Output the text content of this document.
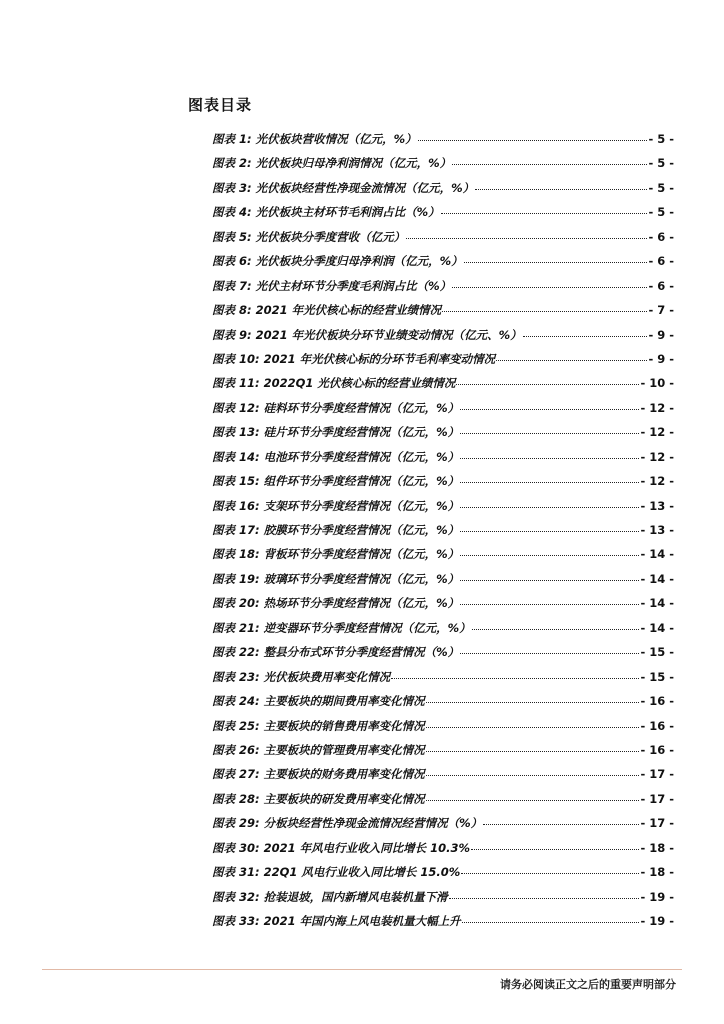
图表目录
图表 1: 光伏板块营收情况（亿元，%）	- 5 -
图表 2: 光伏板块归母净利润情况（亿元，%）	- 5 -
图表 3: 光伏板块经营性净现金流情况（亿元，%）	- 5 -
图表 4: 光伏板块主材环节毛利润占比（%）	- 5 -
图表 5: 光伏板块分季度营收（亿元）	- 6 -
图表 6: 光伏板块分季度归母净利润（亿元，%）	- 6 -
图表 7: 光伏主材环节分季度毛利润占比（%）	- 6 -
图表 8: 2021 年光伏核心标的经营业绩情况	- 7 -
图表 9: 2021 年光伏板块分环节业绩变动情况（亿元、%）	- 9 -
图表 10: 2021 年光伏核心标的分环节毛利率变动情况	- 9 -
图表 11: 2022Q1 光伏核心标的经营业绩情况	- 10 -
图表 12: 硅料环节分季度经营情况（亿元，%）	- 12 -
图表 13: 硅片环节分季度经营情况（亿元，%）	- 12 -
图表 14: 电池环节分季度经营情况（亿元，%）	- 12 -
图表 15: 组件环节分季度经营情况（亿元，%）	- 12 -
图表 16: 支架环节分季度经营情况（亿元，%）	- 13 -
图表 17: 胶膜环节分季度经营情况（亿元，%）	- 13 -
图表 18: 背板环节分季度经营情况（亿元，%）	- 14 -
图表 19: 玻璃环节分季度经营情况（亿元，%）	- 14 -
图表 20: 热场环节分季度经营情况（亿元，%）	- 14 -
图表 21: 逆变器环节分季度经营情况（亿元，%）	- 14 -
图表 22: 整县分布式环节分季度经营情况（%）	- 15 -
图表 23: 光伏板块费用率变化情况	- 15 -
图表 24: 主要板块的期间费用率变化情况	- 16 -
图表 25: 主要板块的销售费用率变化情况	- 16 -
图表 26: 主要板块的管理费用率变化情况	- 16 -
图表 27: 主要板块的财务费用率变化情况	- 17 -
图表 28: 主要板块的研发费用率变化情况	- 17 -
图表 29: 分板块经营性净现金流情况经营情况（%）	- 17 -
图表 30: 2021 年风电行业收入同比增长 10.3%	- 18 -
图表 31: 22Q1 风电行业收入同比增长 15.0%	- 18 -
图表 32: 抢装退坡，国内新增风电装机量下滑	- 19 -
图表 33: 2021 年国内海上风电装机量大幅上升	- 19 -
请务必阅读正文之后的重要声明部分
